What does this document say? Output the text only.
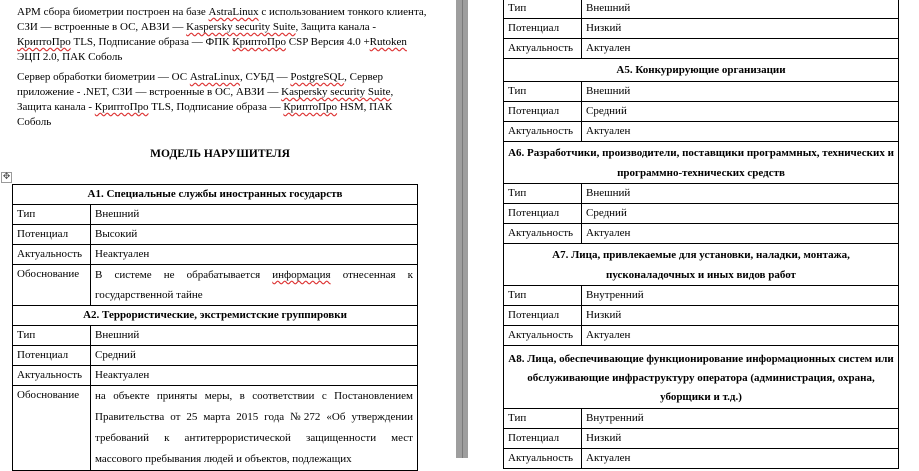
АРМ сбора биометрии построен на базе AstraLinux с использованием тонкого клиента, СЗИ — встроенные в ОС, АВЗИ — Kaspersky security Suite, Защита канала - КриптоПро TLS, Подписание образа — ФПК КриптоПро CSP Версия 4.0 +Rutoken ЭЦП 2.0, ПАК Соболь

Сервер обработки биометрии — ОС AstraLinux, СУБД — PostgreSQL, Сервер приложение - .NET, СЗИ — встроенные в ОС, АВЗИ — Kaspersky security Suite, Защита канала - КриптоПро TLS, Подписание образа — КриптоПро HSM, ПАК Соболь

МОДЕЛЬ НАРУШИТЕЛЯ
✥
А1. Специальные службы иностранных государств	
Тип	Внешний
Потенциал	Высокий
Актуальность	Неактуален
Обоснование	В системе не обрабатывается информация отнесенная к государственной тайне
А2. Террористические, экстремистские группировки	
Тип	Внешний
Потенциал	Средний
Актуальность	Неактуален
Обоснование	на объекте приняты меры, в соответствии с Постановлением Правительства от 25 марта 2015 года №272 «Об утверждении требований к антитеррористической защищенности мест массового пребывания людей и объектов, подлежащих
Тип	Внешний
Потенциал	Низкий
Актуальность	Актуален
А5. Конкурирующие организации	
Тип	Внешний
Потенциал	Средний
Актуальность	Актуален
А6. Разработчики, производители, поставщики программных, технических и программно-технических средств	
Тип	Внешний
Потенциал	Средний
Актуальность	Актуален
А7. Лица, привлекаемые для установки, наладки, монтажа, пусконаладочных и иных видов работ	
Тип	Внутренний
Потенциал	Низкий
Актуальность	Актуален
А8. Лица, обеспечивающие функционирование информационных систем или обслуживающие инфраструктуру оператора (администрация, охрана, уборщики и т.д.)	
Тип	Внутренний
Потенциал	Низкий
Актуальность	Актуален
